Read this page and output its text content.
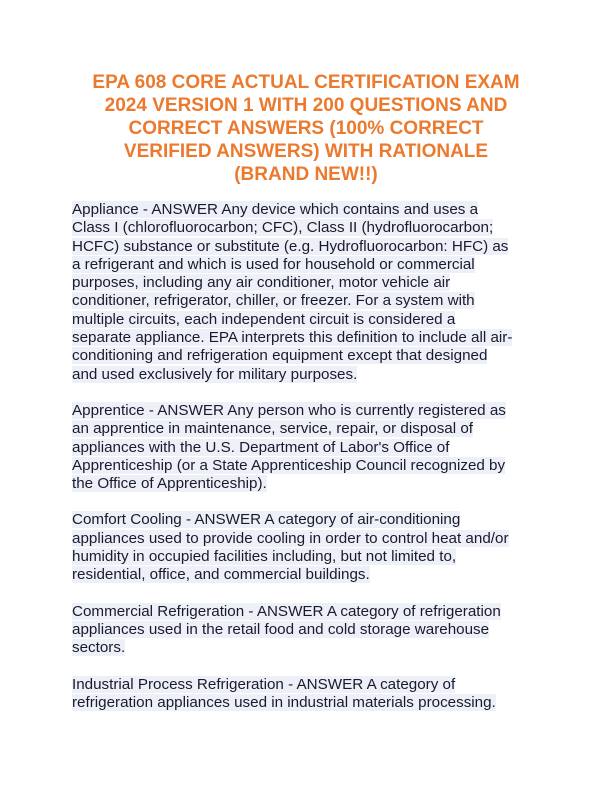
EPA 608 CORE ACTUAL CERTIFICATION EXAM
2024 VERSION 1 WITH 200 QUESTIONS AND
CORRECT ANSWERS (100% CORRECT
VERIFIED ANSWERS) WITH RATIONALE
(BRAND NEW!!)

Appliance - ANSWER Any device which contains and uses a
Class I (chlorofluorocarbon; CFC), Class II (hydrofluorocarbon;
HCFC) substance or substitute (e.g. Hydrofluorocarbon: HFC) as
a refrigerant and which is used for household or commercial
purposes, including any air conditioner, motor vehicle air
conditioner, refrigerator, chiller, or freezer. For a system with
multiple circuits, each independent circuit is considered a
separate appliance. EPA interprets this definition to include all air-
conditioning and refrigeration equipment except that designed
and used exclusively for military purposes.

Apprentice - ANSWER Any person who is currently registered as
an apprentice in maintenance, service, repair, or disposal of
appliances with the U.S. Department of Labor's Office of
Apprenticeship (or a State Apprenticeship Council recognized by
the Office of Apprenticeship).

Comfort Cooling - ANSWER A category of air-conditioning
appliances used to provide cooling in order to control heat and/or
humidity in occupied facilities including, but not limited to,
residential, office, and commercial buildings.

Commercial Refrigeration - ANSWER A category of refrigeration
appliances used in the retail food and cold storage warehouse
sectors.

Industrial Process Refrigeration - ANSWER A category of
refrigeration appliances used in industrial materials processing.
